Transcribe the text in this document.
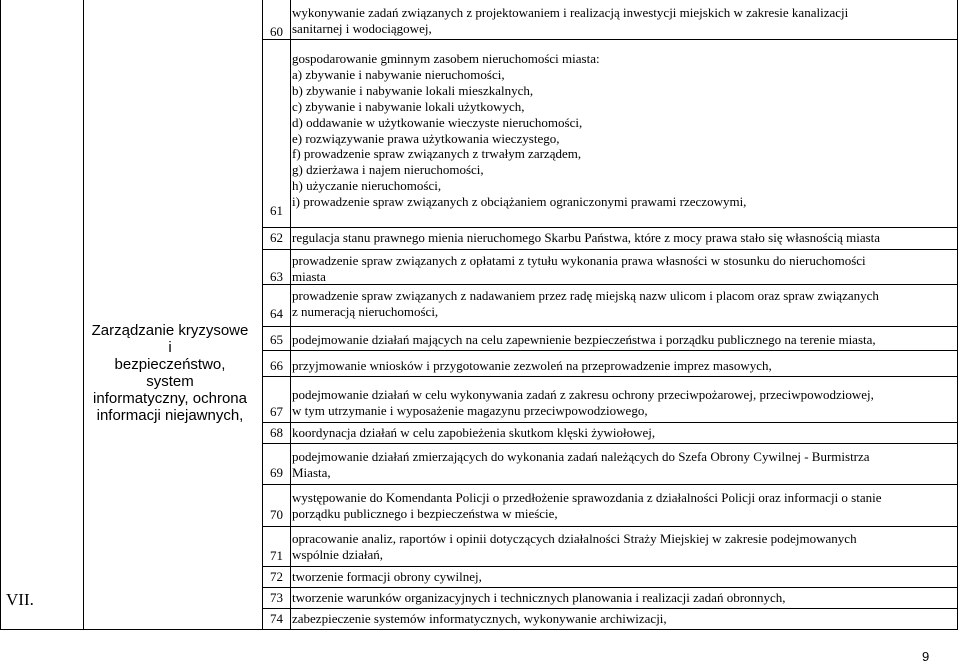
VII.
Zarządzanie kryzysowe i
bezpieczeństwo, system
informatyczny, ochrona
informacji niejawnych,
60
wykonywanie zadań związanych z projektowaniem i realizacją inwestycji miejskich w zakresie kanalizacji
sanitarnej i wodociągowej,
61
gospodarowanie gminnym zasobem nieruchomości miasta:
a) zbywanie i nabywanie nieruchomości,
b) zbywanie i nabywanie lokali mieszkalnych,
c) zbywanie i nabywanie lokali użytkowych,
d) oddawanie w użytkowanie wieczyste nieruchomości,
e) rozwiązywanie prawa użytkowania wieczystego,
f) prowadzenie spraw związanych z trwałym zarządem,
g) dzierżawa i najem nieruchomości,
h) użyczanie nieruchomości,
i) prowadzenie spraw związanych z obciążaniem ograniczonymi prawami rzeczowymi,
62 regulacja stanu prawnego mienia nieruchomego Skarbu Państwa, które z mocy prawa stało się własnością miasta
63
prowadzenie spraw związanych z opłatami z tytułu wykonania prawa własności w stosunku do nieruchomości
miasta
64
prowadzenie spraw związanych z nadawaniem przez radę miejską nazw ulicom i placom oraz spraw związanych
z numeracją nieruchomości,
65 podejmowanie działań mających na celu zapewnienie bezpieczeństwa i porządku publicznego na terenie miasta,
66 przyjmowanie wniosków i przygotowanie zezwoleń na przeprowadzenie imprez masowych,
67
podejmowanie działań w celu wykonywania zadań z zakresu ochrony przeciwpożarowej, przeciwpowodziowej,
w tym utrzymanie i wyposażenie magazynu przeciwpowodziowego,
68 koordynacja działań w celu zapobieżenia skutkom klęski żywiołowej,
69
podejmowanie działań zmierzających do wykonania zadań należących do Szefa Obrony Cywilnej - Burmistrza
Miasta,
70
występowanie do Komendanta Policji o przedłożenie sprawozdania z działalności Policji oraz informacji o stanie
porządku publicznego i bezpieczeństwa w mieście,
71
opracowanie analiz, raportów i opinii dotyczących działalności Straży Miejskiej w zakresie podejmowanych
wspólnie działań,
72 tworzenie formacji obrony cywilnej,
73 tworzenie warunków organizacyjnych i technicznych planowania i realizacji zadań obronnych,
74 zabezpieczenie systemów informatycznych, wykonywanie archiwizacji,
9
